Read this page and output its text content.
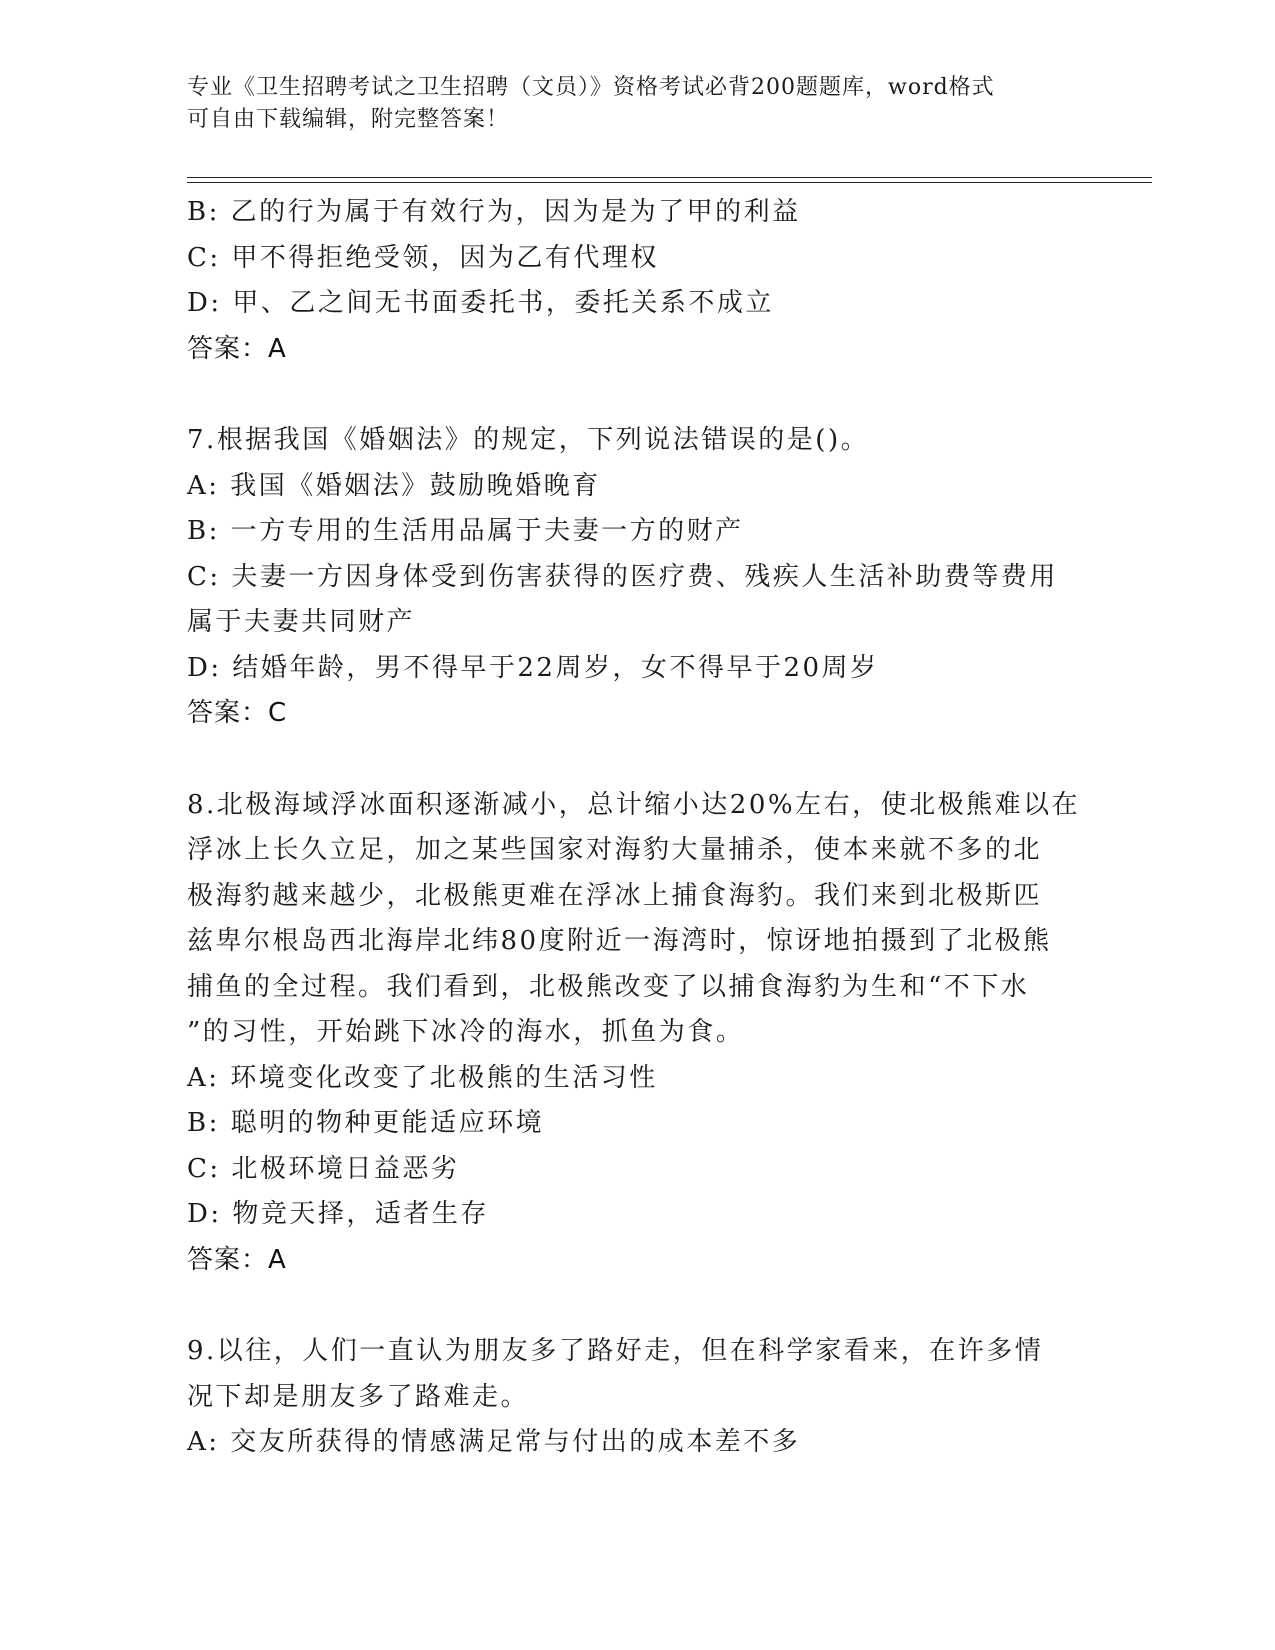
专业《卫生招聘考试之卫生招聘（文员）》资格考试必背200题题库，word格式
可自由下载编辑，附完整答案！
B: 乙的行为属于有效行为，因为是为了甲的利益
C: 甲不得拒绝受领，因为乙有代理权
D: 甲、乙之间无书面委托书，委托关系不成立
答案：A
7.根据我国《婚姻法》的规定，下列说法错误的是()。
A: 我国《婚姻法》鼓励晚婚晚育
B: 一方专用的生活用品属于夫妻一方的财产
C: 夫妻一方因身体受到伤害获得的医疗费、残疾人生活补助费等费用
属于夫妻共同财产
D: 结婚年龄，男不得早于22周岁，女不得早于20周岁
答案：C
8.北极海域浮冰面积逐渐减小，总计缩小达20%左右，使北极熊难以在
浮冰上长久立足，加之某些国家对海豹大量捕杀，使本来就不多的北
极海豹越来越少，北极熊更难在浮冰上捕食海豹。我们来到北极斯匹
兹卑尔根岛西北海岸北纬80度附近一海湾时，惊讶地拍摄到了北极熊
捕鱼的全过程。我们看到，北极熊改变了以捕食海豹为生和“不下水
”的习性，开始跳下冰冷的海水，抓鱼为食。
A: 环境变化改变了北极熊的生活习性
B: 聪明的物种更能适应环境
C: 北极环境日益恶劣
D: 物竞天择，适者生存
答案：A
9.以往，人们一直认为朋友多了路好走，但在科学家看来，在许多情
况下却是朋友多了路难走。
A: 交友所获得的情感满足常与付出的成本差不多
